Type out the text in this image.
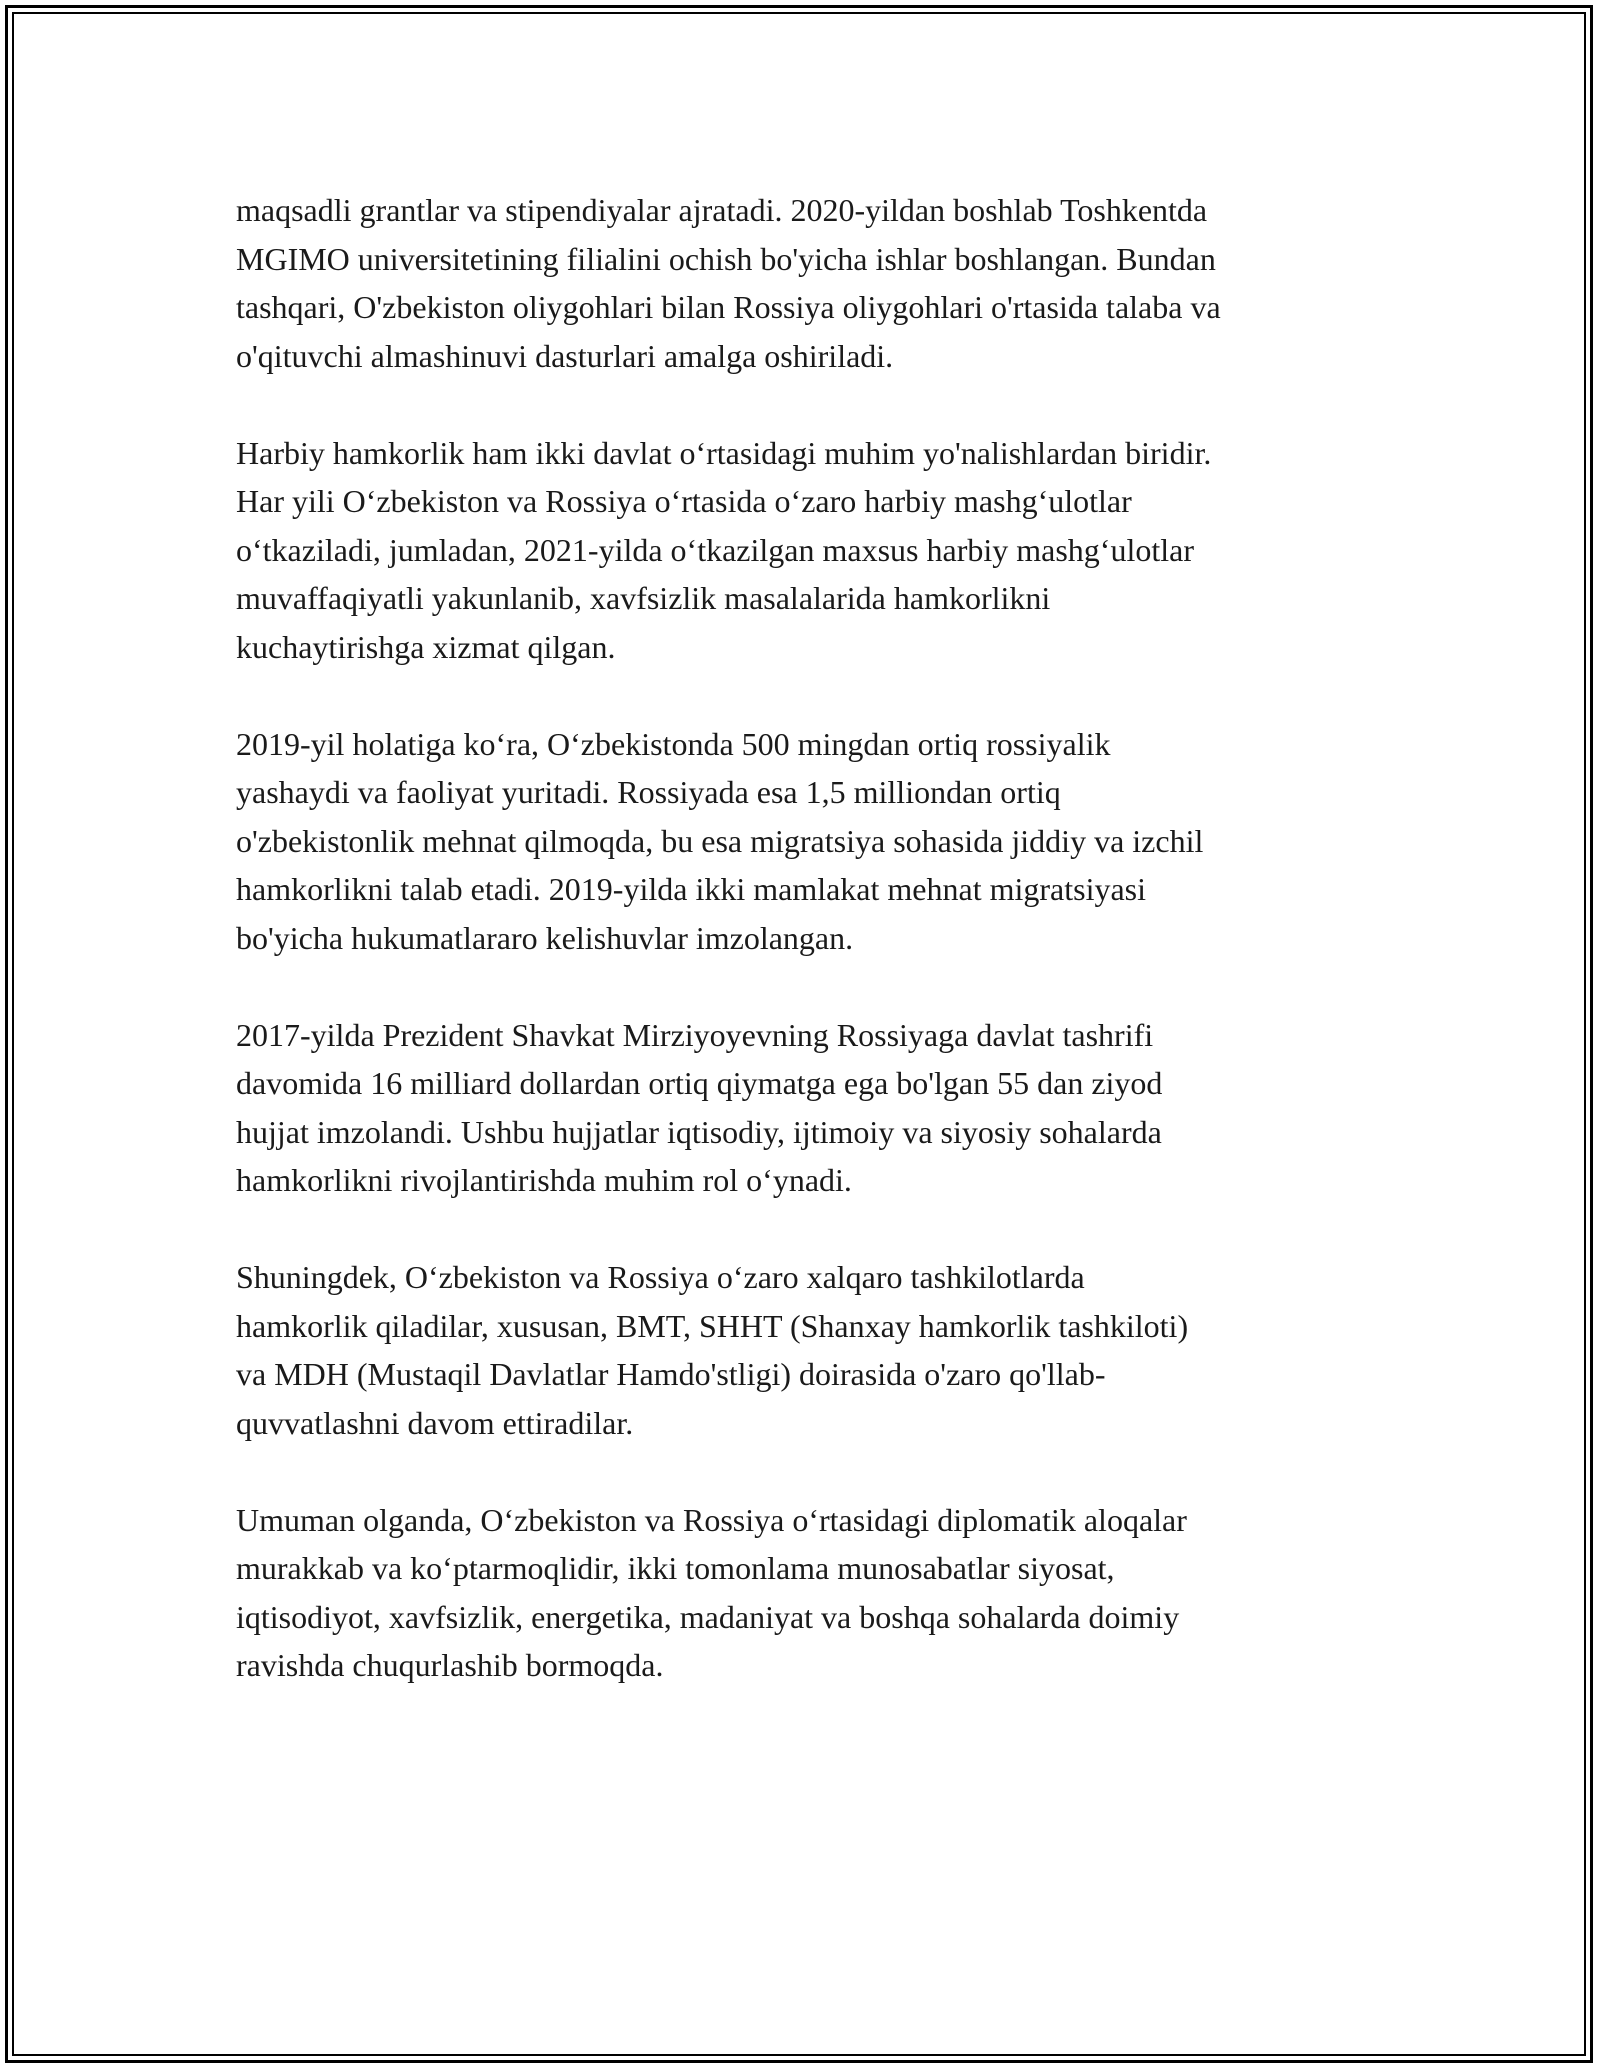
maqsadli grantlar va stipendiyalar ajratadi. 2020-yildan boshlab Toshkentda
MGIMO universitetining filialini ochish bo'yicha ishlar boshlangan. Bundan
tashqari, O'zbekiston oliygohlari bilan Rossiya oliygohlari o'rtasida talaba va
o'qituvchi almashinuvi dasturlari amalga oshiriladi.

Harbiy hamkorlik ham ikki davlat o‘rtasidagi muhim yo'nalishlardan biridir.
Har yili O‘zbekiston va Rossiya o‘rtasida o‘zaro harbiy mashg‘ulotlar
o‘tkaziladi, jumladan, 2021-yilda o‘tkazilgan maxsus harbiy mashg‘ulotlar
muvaffaqiyatli yakunlanib, xavfsizlik masalalarida hamkorlikni
kuchaytirishga xizmat qilgan.

2019-yil holatiga ko‘ra, O‘zbekistonda 500 mingdan ortiq rossiyalik
yashaydi va faoliyat yuritadi. Rossiyada esa 1,5 milliondan ortiq
o'zbekistonlik mehnat qilmoqda, bu esa migratsiya sohasida jiddiy va izchil
hamkorlikni talab etadi. 2019-yilda ikki mamlakat mehnat migratsiyasi
bo'yicha hukumatlararo kelishuvlar imzolangan.

2017-yilda Prezident Shavkat Mirziyoyevning Rossiyaga davlat tashrifi
davomida 16 milliard dollardan ortiq qiymatga ega bo'lgan 55 dan ziyod
hujjat imzolandi. Ushbu hujjatlar iqtisodiy, ijtimoiy va siyosiy sohalarda
hamkorlikni rivojlantirishda muhim rol o‘ynadi.

Shuningdek, O‘zbekiston va Rossiya o‘zaro xalqaro tashkilotlarda
hamkorlik qiladilar, xususan, BMT, SHHT (Shanxay hamkorlik tashkiloti)
va MDH (Mustaqil Davlatlar Hamdo'stligi) doirasida o'zaro qo'llab-
quvvatlashni davom ettiradilar.

Umuman olganda, O‘zbekiston va Rossiya o‘rtasidagi diplomatik aloqalar
murakkab va ko‘ptarmoqlidir, ikki tomonlama munosabatlar siyosat,
iqtisodiyot, xavfsizlik, energetika, madaniyat va boshqa sohalarda doimiy
ravishda chuqurlashib bormoqda.
